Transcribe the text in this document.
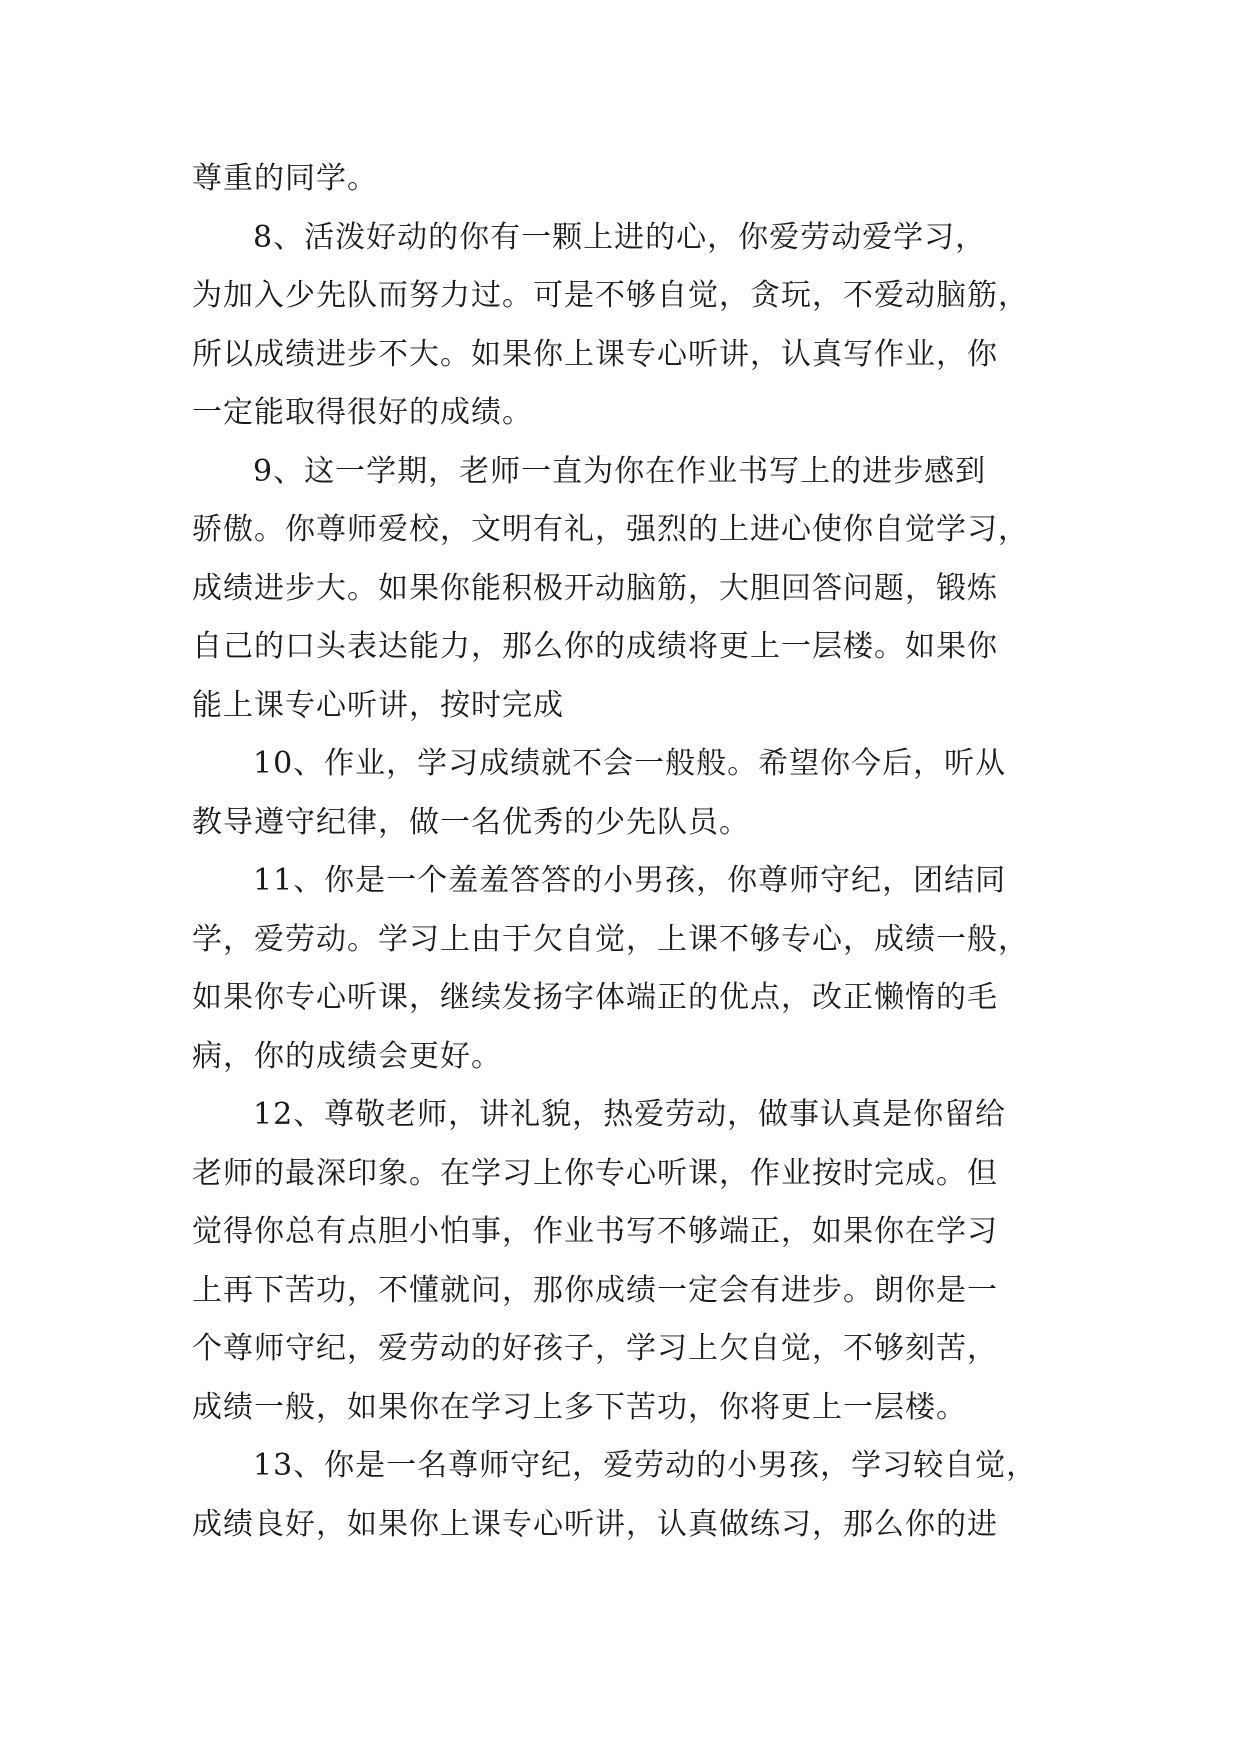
尊重的同学。
8、活泼好动的你有一颗上进的心，你爱劳动爱学习，
为加入少先队而努力过。可是不够自觉，贪玩，不爱动脑筋，
所以成绩进步不大。如果你上课专心听讲，认真写作业，你
一定能取得很好的成绩。
9、这一学期，老师一直为你在作业书写上的进步感到
骄傲。你尊师爱校，文明有礼，强烈的上进心使你自觉学习，
成绩进步大。如果你能积极开动脑筋，大胆回答问题，锻炼
自己的口头表达能力，那么你的成绩将更上一层楼。如果你
能上课专心听讲，按时完成
10、作业，学习成绩就不会一般般。希望你今后，听从
教导遵守纪律，做一名优秀的少先队员。
11、你是一个羞羞答答的小男孩，你尊师守纪，团结同
学，爱劳动。学习上由于欠自觉，上课不够专心，成绩一般，
如果你专心听课，继续发扬字体端正的优点，改正懒惰的毛
病，你的成绩会更好。
12、尊敬老师，讲礼貌，热爱劳动，做事认真是你留给
老师的最深印象。在学习上你专心听课，作业按时完成。但
觉得你总有点胆小怕事，作业书写不够端正，如果你在学习
上再下苦功，不懂就问，那你成绩一定会有进步。朗你是一
个尊师守纪，爱劳动的好孩子，学习上欠自觉，不够刻苦，
成绩一般，如果你在学习上多下苦功，你将更上一层楼。
13、你是一名尊师守纪，爱劳动的小男孩，学习较自觉，
成绩良好，如果你上课专心听讲，认真做练习，那么你的进
